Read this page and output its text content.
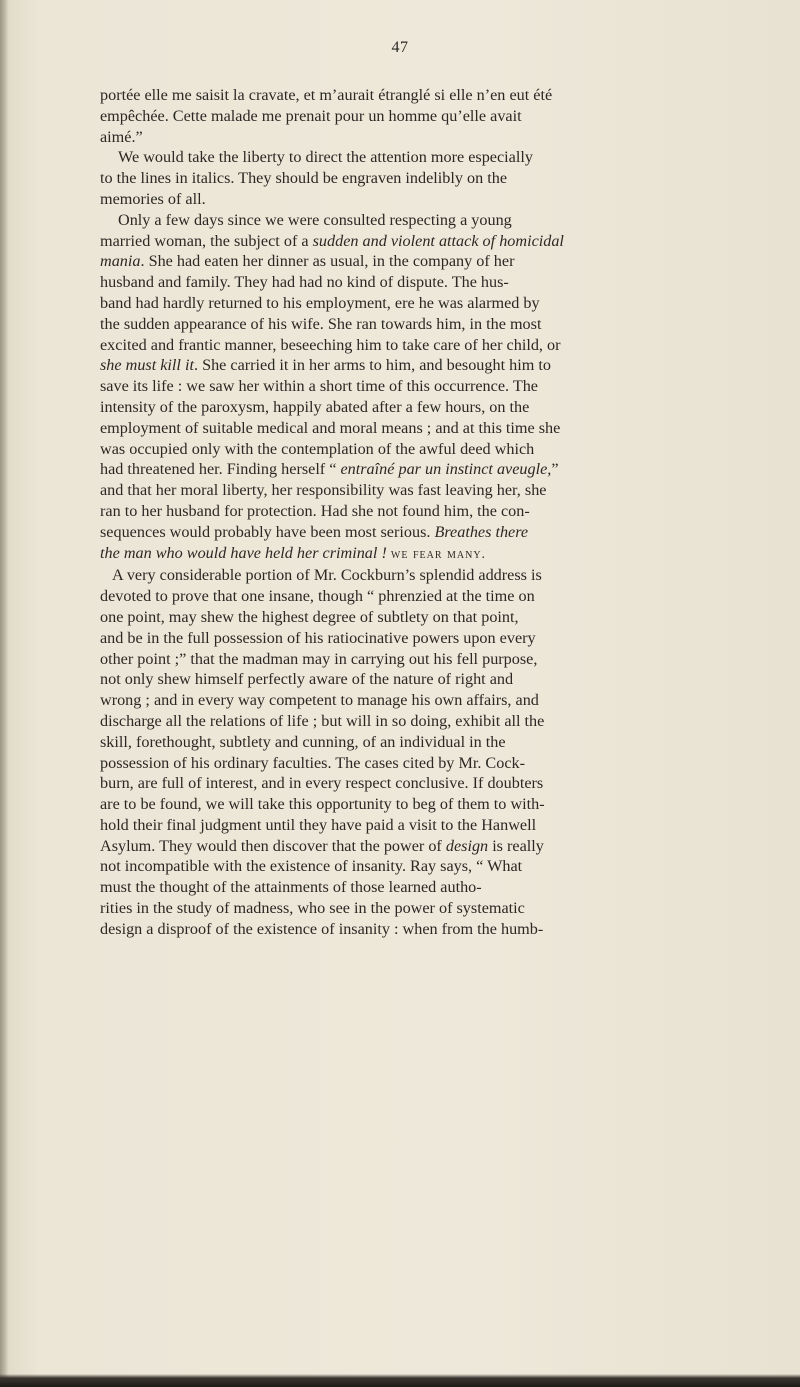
47
portée elle me saisit la cravate, et m’aurait étranglé si elle n’en eut été
empêchée. Cette malade me prenait pour un homme qu’elle avait
aimé.”
We would take the liberty to direct the attention more especially
to the lines in italics. They should be engraven indelibly on the
memories of all.
Only a few days since we were consulted respecting a young
married woman, the subject of a sudden and violent attack of homicidal
mania. She had eaten her dinner as usual, in the company of her
husband and family. They had had no kind of dispute. The hus-
band had hardly returned to his employment, ere he was alarmed by
the sudden appearance of his wife. She ran towards him, in the most
excited and frantic manner, beseeching him to take care of her child, or
she must kill it. She carried it in her arms to him, and besought him to
save its life : we saw her within a short time of this occurrence. The
intensity of the paroxysm, happily abated after a few hours, on the
employment of suitable medical and moral means ; and at this time she
was occupied only with the contemplation of the awful deed which
had threatened her. Finding herself “ entraîné par un instinct aveugle,”
and that her moral liberty, her responsibility was fast leaving her, she
ran to her husband for protection. Had she not found him, the con-
sequences would probably have been most serious. Breathes there
the man who would have held her criminal ! we fear many.
A very considerable portion of Mr. Cockburn’s splendid address is
devoted to prove that one insane, though “ phrenzied at the time on
one point, may shew the highest degree of subtlety on that point,
and be in the full possession of his ratiocinative powers upon every
other point ;” that the madman may in carrying out his fell purpose,
not only shew himself perfectly aware of the nature of right and
wrong ; and in every way competent to manage his own affairs, and
discharge all the relations of life ; but will in so doing, exhibit all the
skill, forethought, subtlety and cunning, of an individual in the
possession of his ordinary faculties. The cases cited by Mr. Cock-
burn, are full of interest, and in every respect conclusive. If doubters
are to be found, we will take this opportunity to beg of them to with-
hold their final judgment until they have paid a visit to the Hanwell
Asylum. They would then discover that the power of design is really
not incompatible with the existence of insanity. Ray says, “ What
must the thought of the attainments of those learned autho-
rities in the study of madness, who see in the power of systematic
design a disproof of the existence of insanity : when from the humb-
